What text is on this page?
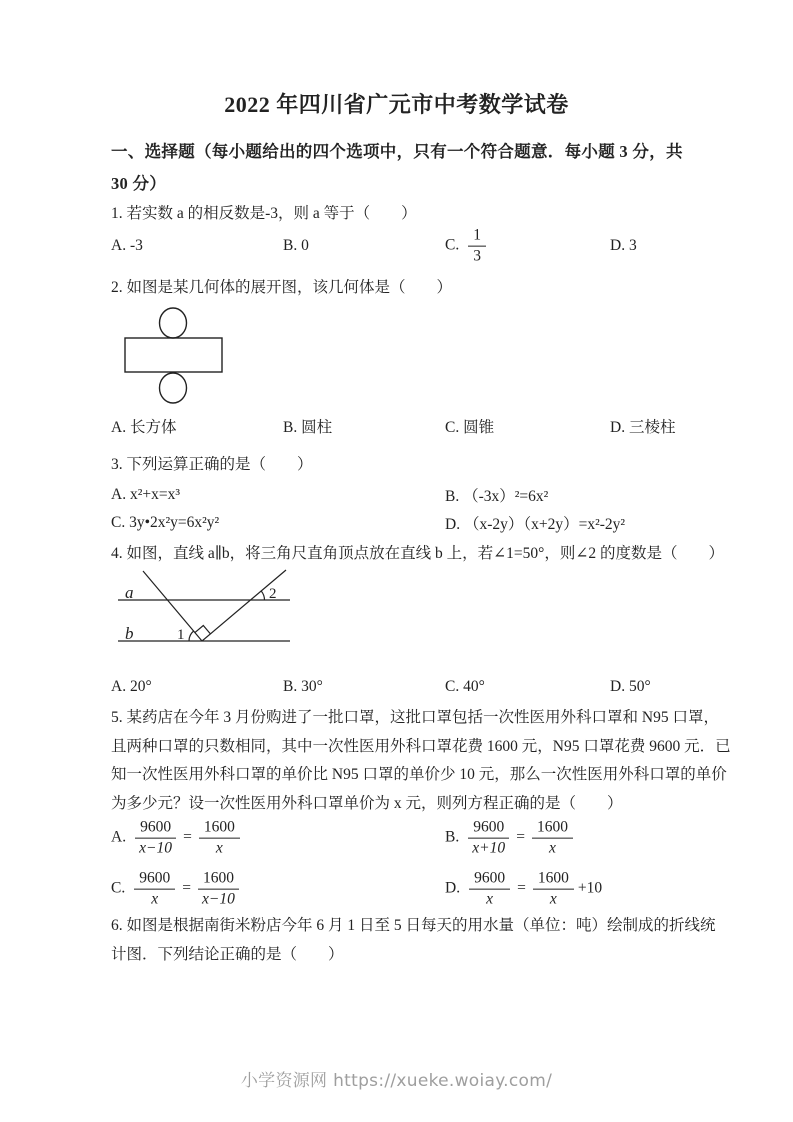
2022 年四川省广元市中考数学试卷
一、选择题（每小题给出的四个选项中，只有一个符合题意．每小题 3 分，共
30 分）
1. 若实数 a 的相反数是-3，则 a 等于（　　）
A. -3	B. 0	C. $\frac{1}{3}$	D. 3
2. 如图是某几何体的展开图，该几何体是（　　）
A. 长方体	B. 圆柱	C. 圆锥	D. 三棱柱
3. 下列运算正确的是（　　）
A. x²+x=x³	B. （-3x）²=6x²
C. 3y•2x²y=6x²y²	D. （x-2y）（x+2y）=x²-2y²
4. 如图，直线 a∥b，将三角尺直角顶点放在直线 b 上，若∠1=50°，则∠2 的度数是（　　）
a
b	1
2
A. 20°	B. 30°	C. 40°	D. 50°
5. 某药店在今年 3 月份购进了一批口罩，这批口罩包括一次性医用外科口罩和 N95 口罩，
且两种口罩的只数相同，其中一次性医用外科口罩花费 1600 元，N95 口罩花费 9600 元．已
知一次性医用外科口罩的单价比 N95 口罩的单价少 10 元，那么一次性医用外科口罩的单价
为多少元？设一次性医用外科口罩单价为 x 元，则列方程正确的是（　　）
A. $\frac{9600}{x-10} = \frac{1600}{x}$	B. $\frac{9600}{x+10} = \frac{1600}{x}$
C. $\frac{9600}{x} = \frac{1600}{x-10}$	D. $\frac{9600}{x} = \frac{1600}{x} +10$
6. 如图是根据南街米粉店今年 6 月 1 日至 5 日每天的用水量（单位：吨）绘制成的折线统
计图．下列结论正确的是（　　）
小学资源网 https://xueke.woiay.com/
